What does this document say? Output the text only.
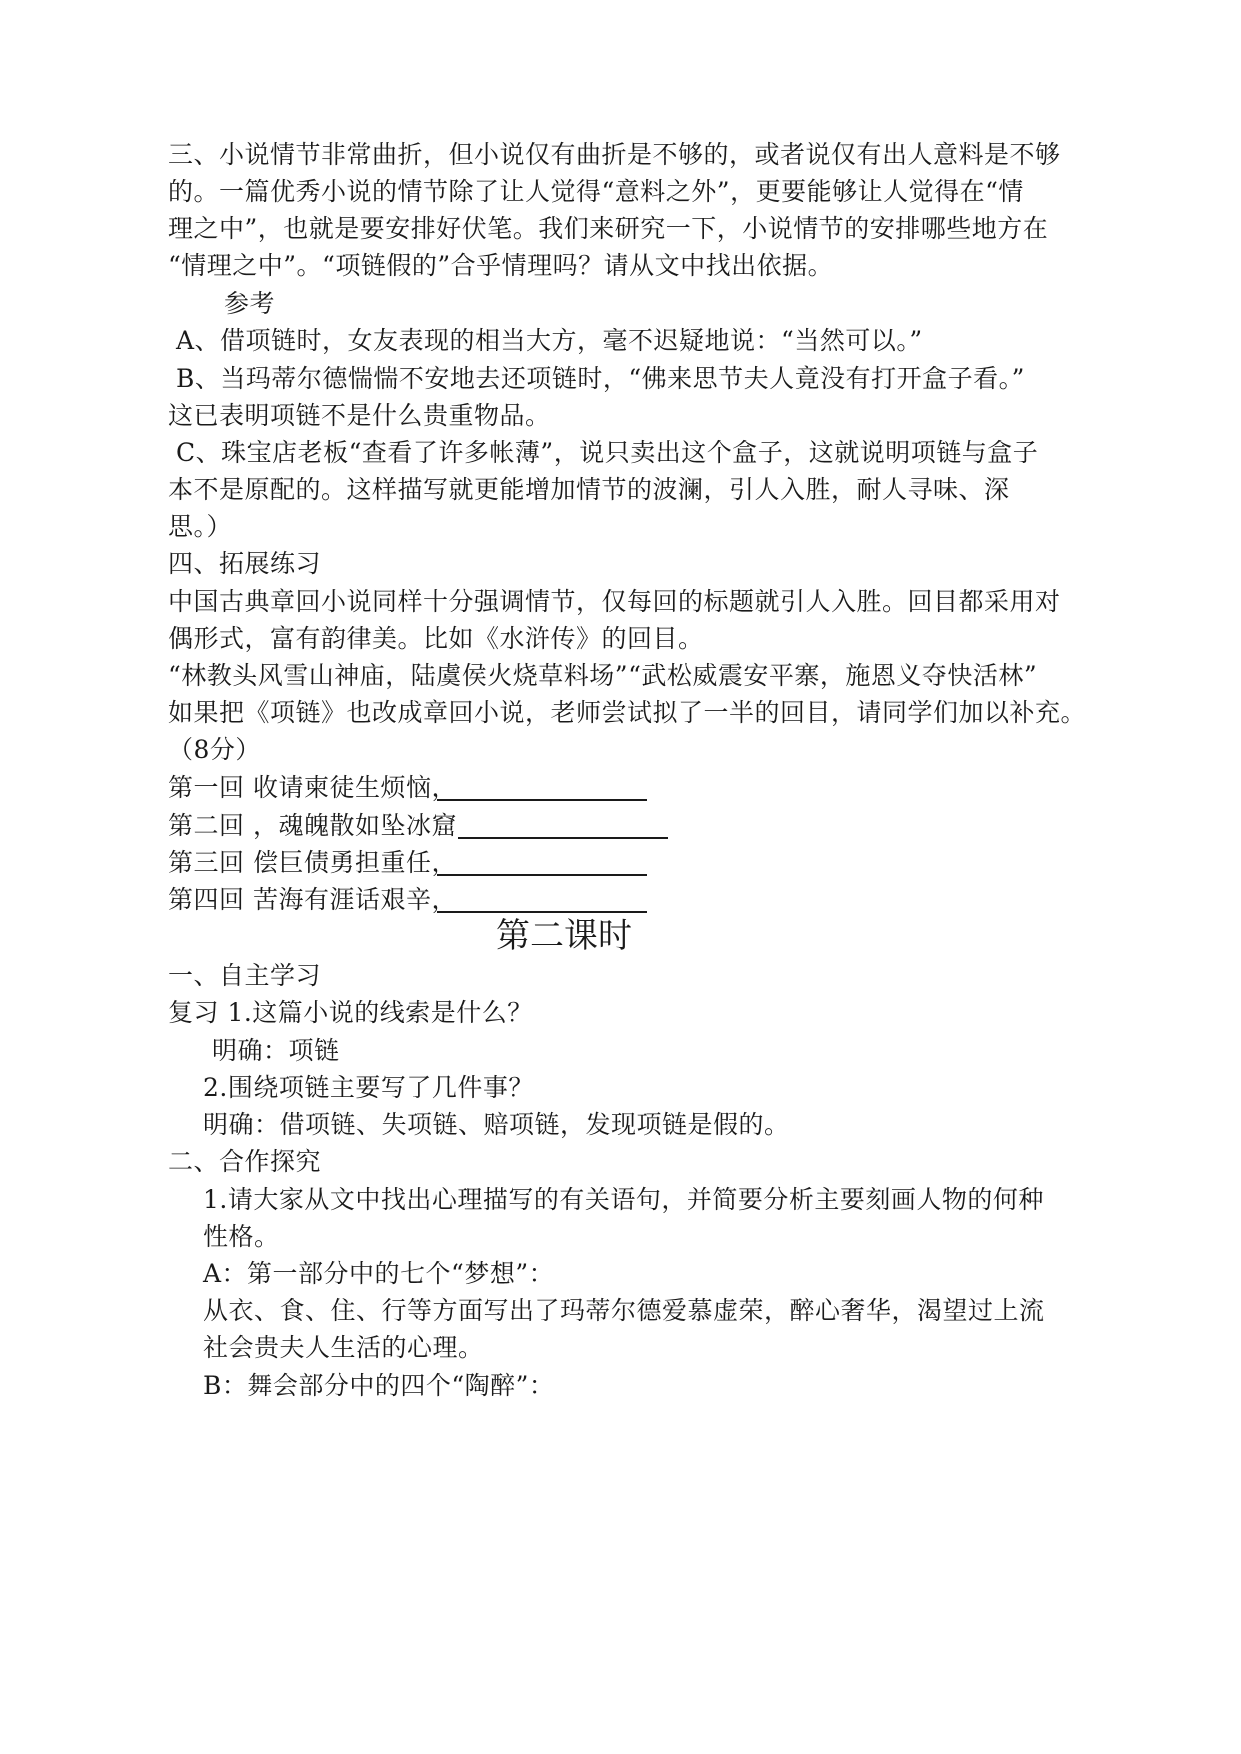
三、小说情节非常曲折，但小说仅有曲折是不够的，或者说仅有出人意料是不够
的。一篇优秀小说的情节除了让人觉得“意料之外”，更要能够让人觉得在“情
理之中”，也就是要安排好伏笔。我们来研究一下，小说情节的安排哪些地方在
“情理之中”。“项链假的”合乎情理吗？请从文中找出依据。
参考
A、借项链时，女友表现的相当大方，毫不迟疑地说：“当然可以。”
B、当玛蒂尔德惴惴不安地去还项链时，“佛来思节夫人竟没有打开盒子看。”
这已表明项链不是什么贵重物品。
C、珠宝店老板“查看了许多帐薄”，说只卖出这个盒子，这就说明项链与盒子
本不是原配的。这样描写就更能增加情节的波澜，引人入胜，耐人寻味、深
思。）
四、拓展练习
中国古典章回小说同样十分强调情节，仅每回的标题就引人入胜。回目都采用对
偶形式，富有韵律美。比如《水浒传》的回目。
“林教头风雪山神庙，陆虞侯火烧草料场”“武松威震安平寨，施恩义夺快活林”
如果把《项链》也改成章回小说，老师尝试拟了一半的回目，请同学们加以补充。
（8分）
第一回 收请柬徒生烦恼，
第二回 ，魂魄散如坠冰窟
第三回 偿巨债勇担重任，
第四回 苦海有涯话艰辛，
第二课时
一、自主学习
复习 1.这篇小说的线索是什么？
明确：项链
2.围绕项链主要写了几件事？
明确：借项链、失项链、赔项链，发现项链是假的。
二、合作探究
1.请大家从文中找出心理描写的有关语句，并简要分析主要刻画人物的何种
性格。
A：第一部分中的七个“梦想”：
从衣、食、住、行等方面写出了玛蒂尔德爱慕虚荣，醉心奢华，渴望过上流
社会贵夫人生活的心理。
B：舞会部分中的四个“陶醉”：
